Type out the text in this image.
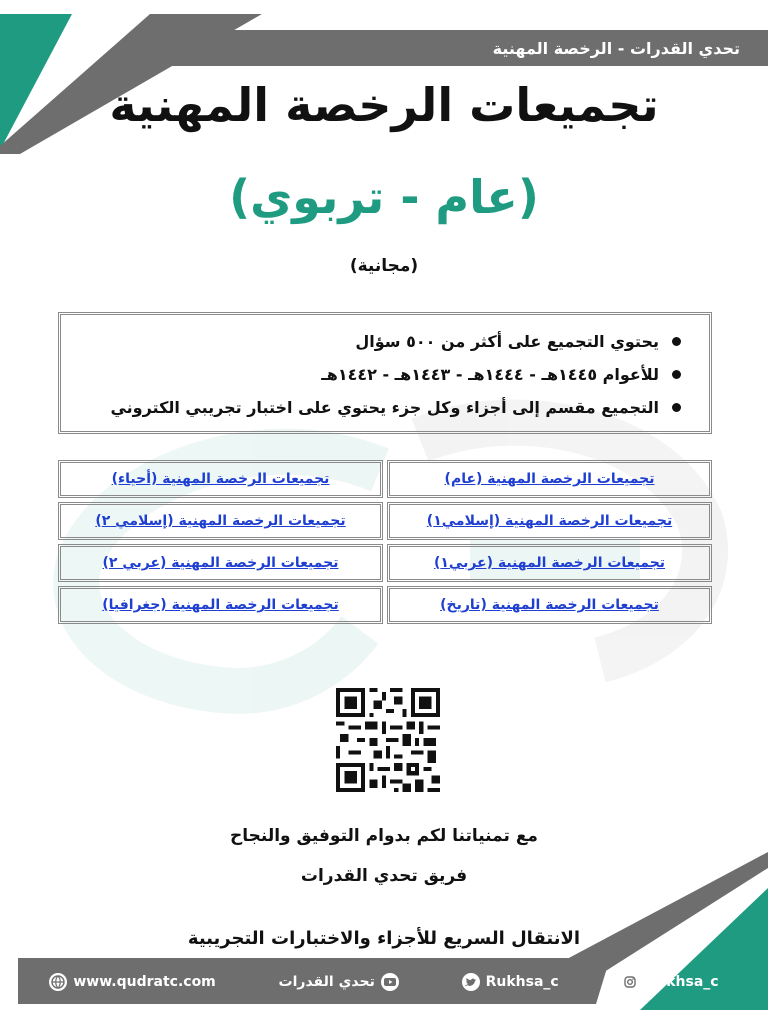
تحدي القدرات - الرخصة المهنية
تجميعات الرخصة المهنية
(عام - تربوي)
(مجانية)
يحتوي التجميع على أكثر من ٥٠٠ سؤال
للأعوام ١٤٤٥هـ - ١٤٤٤هـ - ١٤٤٣هـ - ١٤٤٢هـ
التجميع مقسم إلى أجزاء وكل جزء يحتوي على اختبار تجريبي الكتروني
تجميعات الرخصة المهنية (أحياء)	تجميعات الرخصة المهنية (عام)
تجميعات الرخصة المهنية (إسلامي ٢)	تجميعات الرخصة المهنية (إسلامي١)
تجميعات الرخصة المهنية (عربي ٢)	تجميعات الرخصة المهنية (عربي١)
تجميعات الرخصة المهنية (جغرافيا)	تجميعات الرخصة المهنية (تاريخ)
مع تمنياتنا لكم بدوام التوفيق والنجاح
فريق تحدي القدرات
الانتقال السريع للأجزاء والاختبارات التجريبية
www.qudratc.com	تحدي القدرات	Rukhsa_c	Rukhsa_c
